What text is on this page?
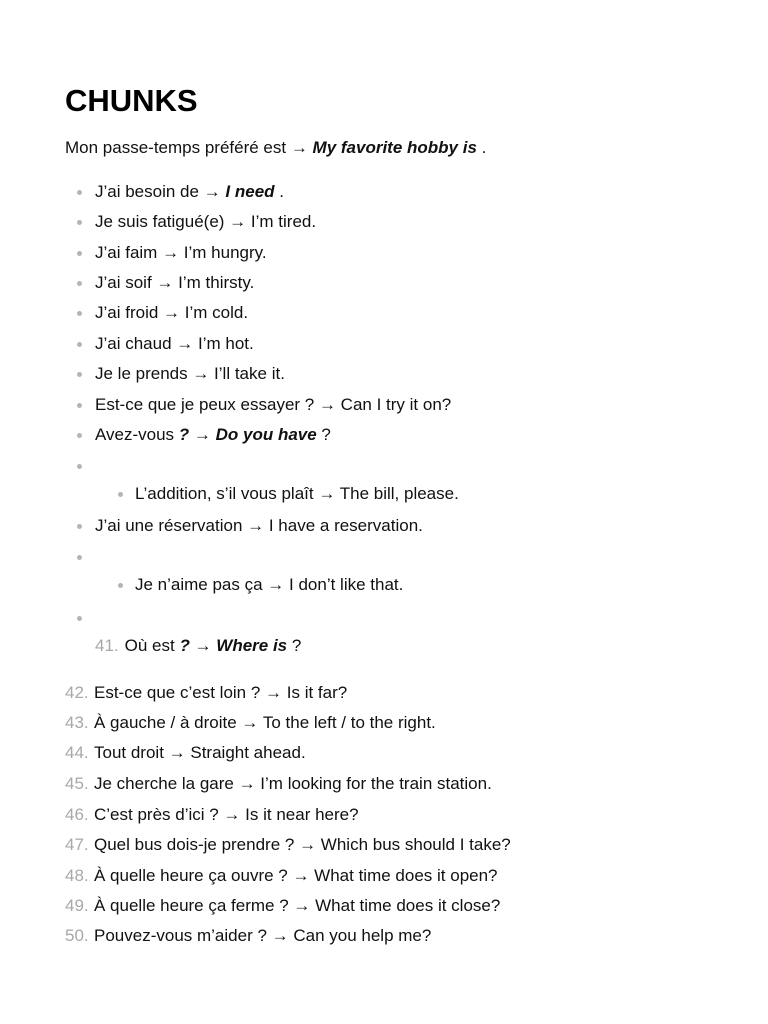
CHUNKS
Mon passe-temps préféré est → My favorite hobby is .
J’ai besoin de → I need .
Je suis fatigué(e) → I’m tired.
J’ai faim → I’m hungry.
J’ai soif → I’m thirsty.
J’ai froid → I’m cold.
J’ai chaud → I’m hot.
Je le prends → I’ll take it.
Est-ce que je peux essayer ? → Can I try it on?
Avez-vous ? → Do you have ?
L’addition, s’il vous plaît → The bill, please.
J’ai une réservation → I have a reservation.
Je n’aime pas ça → I don’t like that.
41. Où est ? → Where is ?
42. Est-ce que c’est loin ? → Is it far?
43. À gauche / à droite → To the left / to the right.
44. Tout droit → Straight ahead.
45. Je cherche la gare → I’m looking for the train station.
46. C’est près d’ici ? → Is it near here?
47. Quel bus dois-je prendre ? → Which bus should I take?
48. À quelle heure ça ouvre ? → What time does it open?
49. À quelle heure ça ferme ? → What time does it close?
50. Pouvez-vous m’aider ? → Can you help me?
